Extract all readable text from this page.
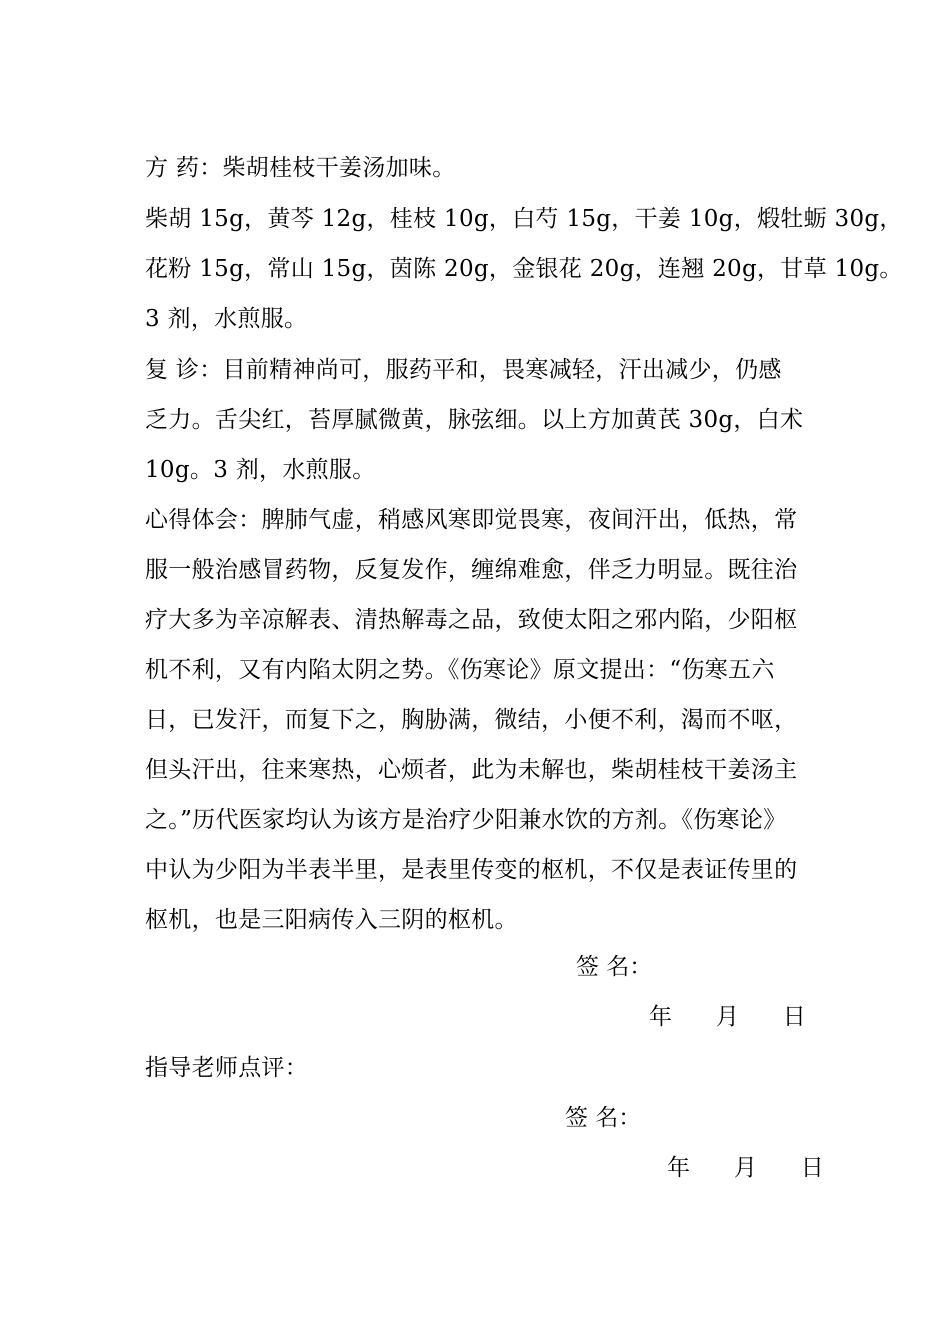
方 药：柴胡桂枝干姜汤加味。
柴胡 15g，黄芩 12g，桂枝 10g，白芍 15g，干姜 10g，煅牡蛎 30g，
花粉 15g，常山 15g，茵陈 20g，金银花 20g，连翘 20g，甘草 10g。
3 剂，水煎服。
复 诊：目前精神尚可，服药平和，畏寒减轻，汗出减少，仍感
乏力。舌尖红，苔厚腻微黄，脉弦细。以上方加黄芪 30g，白术
10g。3 剂，水煎服。
心得体会：脾肺气虚，稍感风寒即觉畏寒，夜间汗出，低热，常
服一般治感冒药物，反复发作，缠绵难愈，伴乏力明显。既往治
疗大多为辛凉解表、清热解毒之品，致使太阳之邪内陷，少阳枢
机不利，又有内陷太阴之势。《伤寒论》原文提出：“伤寒五六
日，已发汗，而复下之，胸胁满，微结，小便不利，渴而不呕，
但头汗出，往来寒热，心烦者，此为未解也，柴胡桂枝干姜汤主
之。”历代医家均认为该方是治疗少阳兼水饮的方剂。《伤寒论》
中认为少阳为半表半里，是表里传变的枢机，不仅是表证传里的
枢机，也是三阳病传入三阴的枢机。
签 名：
年      月      日
指导老师点评：
签 名：
年      月      日
